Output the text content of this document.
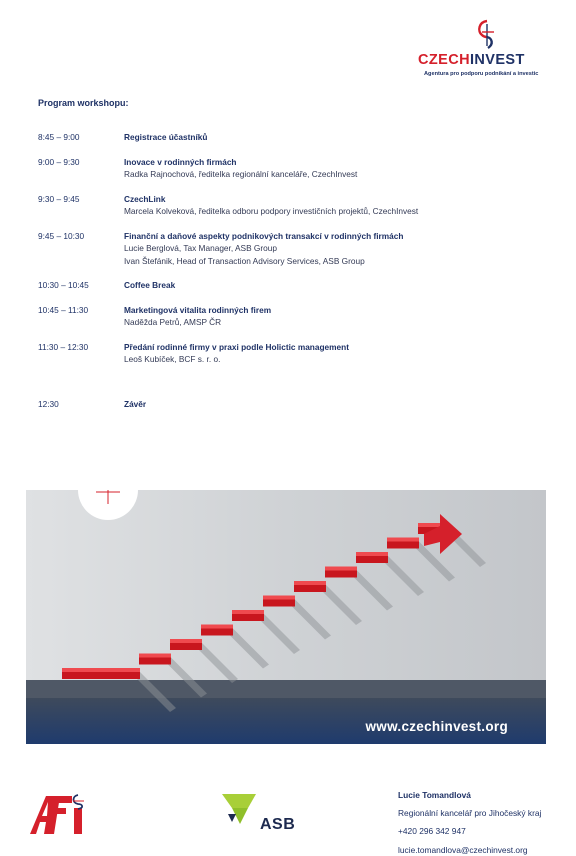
CZECHINVEST
Agentura pro podporu podnikání a investic
Program workshopu:
8:45 – 9:00	Registrace účastníků
9:00 – 9:30	Inovace v rodinných firmách
Radka Rajnochová, ředitelka regionální kanceláře, CzechInvest
9:30 – 9:45	CzechLink
Marcela Kolveková, ředitelka odboru podpory investičních projektů, CzechInvest
9:45 – 10:30	Finanční a daňové aspekty podnikových transakcí v rodinných firmách
Lucie Berglová, Tax Manager, ASB Group
Ivan Štefánik, Head of Transaction Advisory Services, ASB Group
10:30 – 10:45	Coffee Break
10:45 – 11:30	Marketingová vitalita rodinných firem
Naděžda Petrů, AMSP ČR
11:30 – 12:30	Předání rodinné firmy v praxi podle Holictic management
Leoš Kubíček, BCF s. r. o.
12:30	Závěr
www.czechinvest.org
ASB
Lucie Tomandlová
Regionální kancelář pro Jihočeský kraj
+420 296 342 947
lucie.tomandlova@czechinvest.org
